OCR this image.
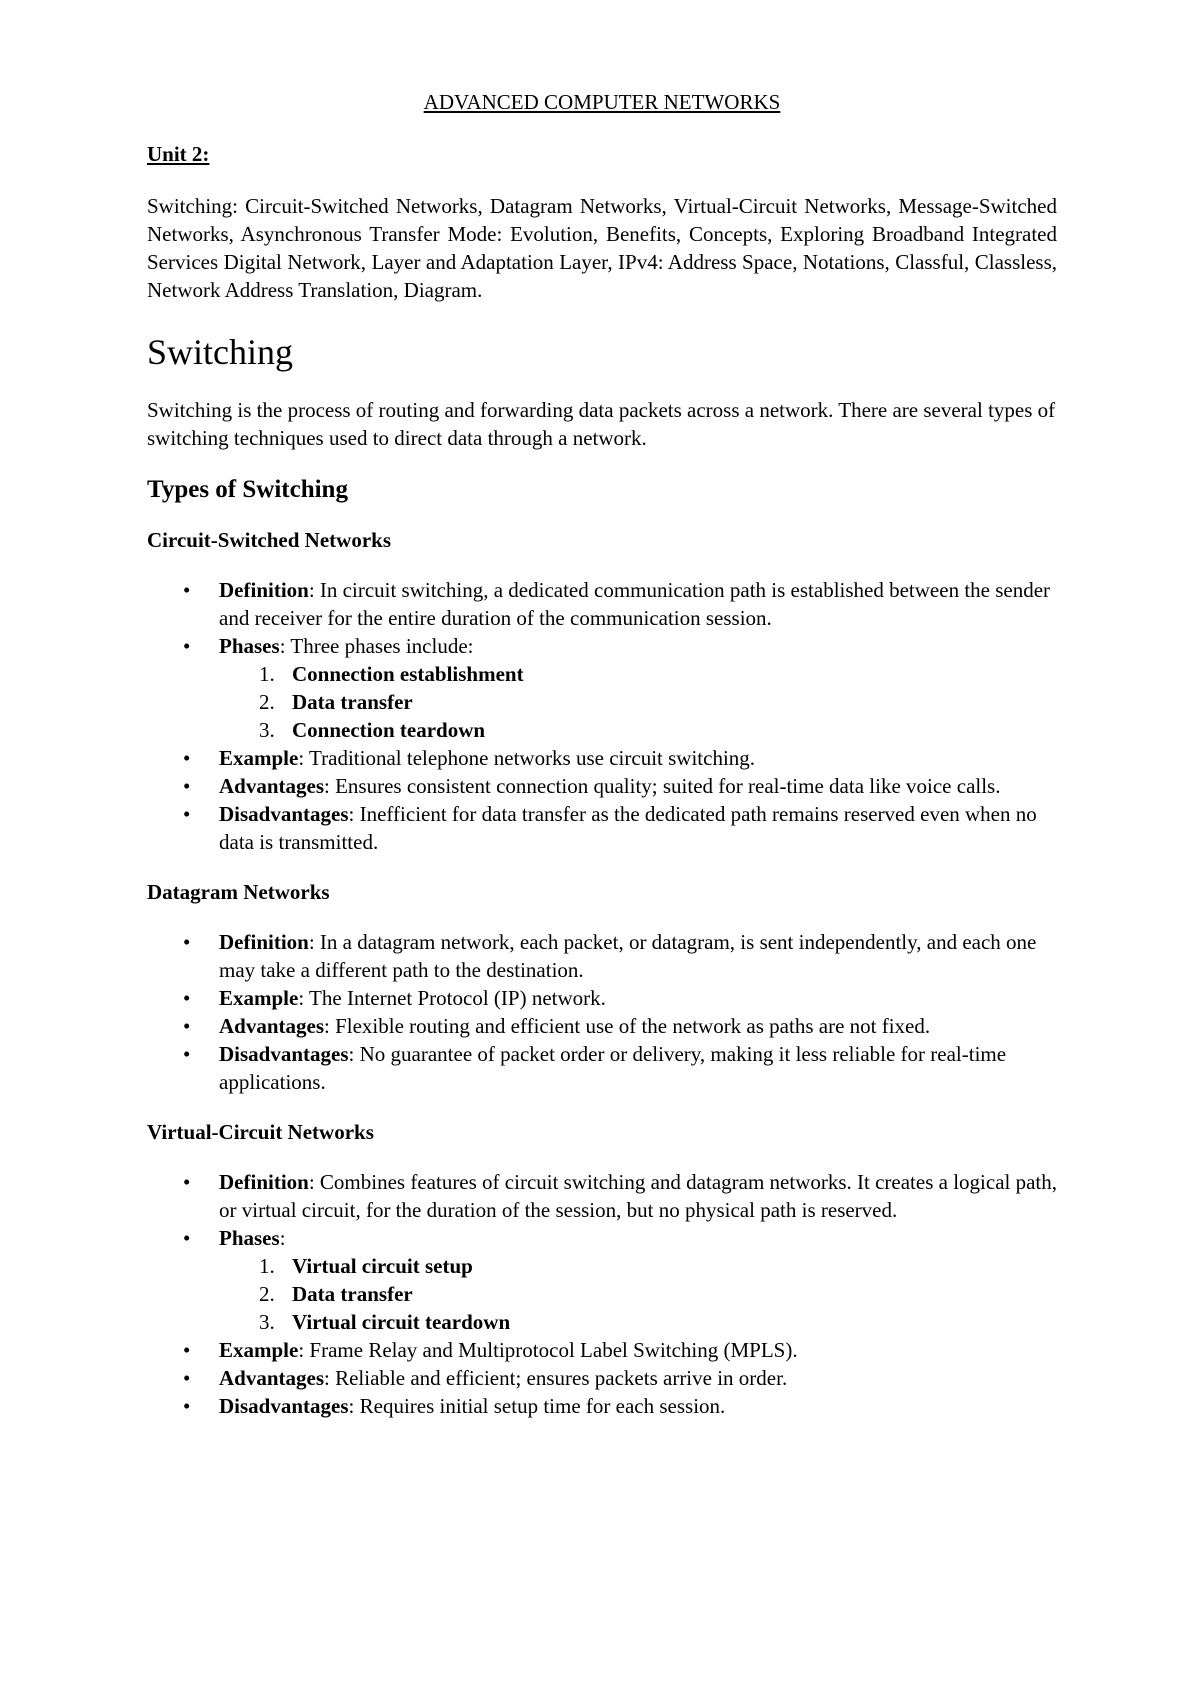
ADVANCED COMPUTER NETWORKS
Unit 2:
Switching: Circuit-Switched Networks, Datagram Networks, Virtual-Circuit Networks, Message-Switched Networks, Asynchronous Transfer Mode: Evolution, Benefits, Concepts, Exploring Broadband Integrated Services Digital Network, Layer and Adaptation Layer, IPv4: Address Space, Notations, Classful, Classless, Network Address Translation, Diagram.
Switching
Switching is the process of routing and forwarding data packets across a network. There are several types of switching techniques used to direct data through a network.
Types of Switching
Circuit-Switched Networks
• Definition: In circuit switching, a dedicated communication path is established between the sender and receiver for the entire duration of the communication session.
• Phases: Three phases include:
1. Connection establishment
2. Data transfer
3. Connection teardown
• Example: Traditional telephone networks use circuit switching.
• Advantages: Ensures consistent connection quality; suited for real-time data like voice calls.
• Disadvantages: Inefficient for data transfer as the dedicated path remains reserved even when no data is transmitted.
Datagram Networks
• Definition: In a datagram network, each packet, or datagram, is sent independently, and each one may take a different path to the destination.
• Example: The Internet Protocol (IP) network.
• Advantages: Flexible routing and efficient use of the network as paths are not fixed.
• Disadvantages: No guarantee of packet order or delivery, making it less reliable for real-time applications.
Virtual-Circuit Networks
• Definition: Combines features of circuit switching and datagram networks. It creates a logical path, or virtual circuit, for the duration of the session, but no physical path is reserved.
• Phases:
1. Virtual circuit setup
2. Data transfer
3. Virtual circuit teardown
• Example: Frame Relay and Multiprotocol Label Switching (MPLS).
• Advantages: Reliable and efficient; ensures packets arrive in order.
• Disadvantages: Requires initial setup time for each session.
